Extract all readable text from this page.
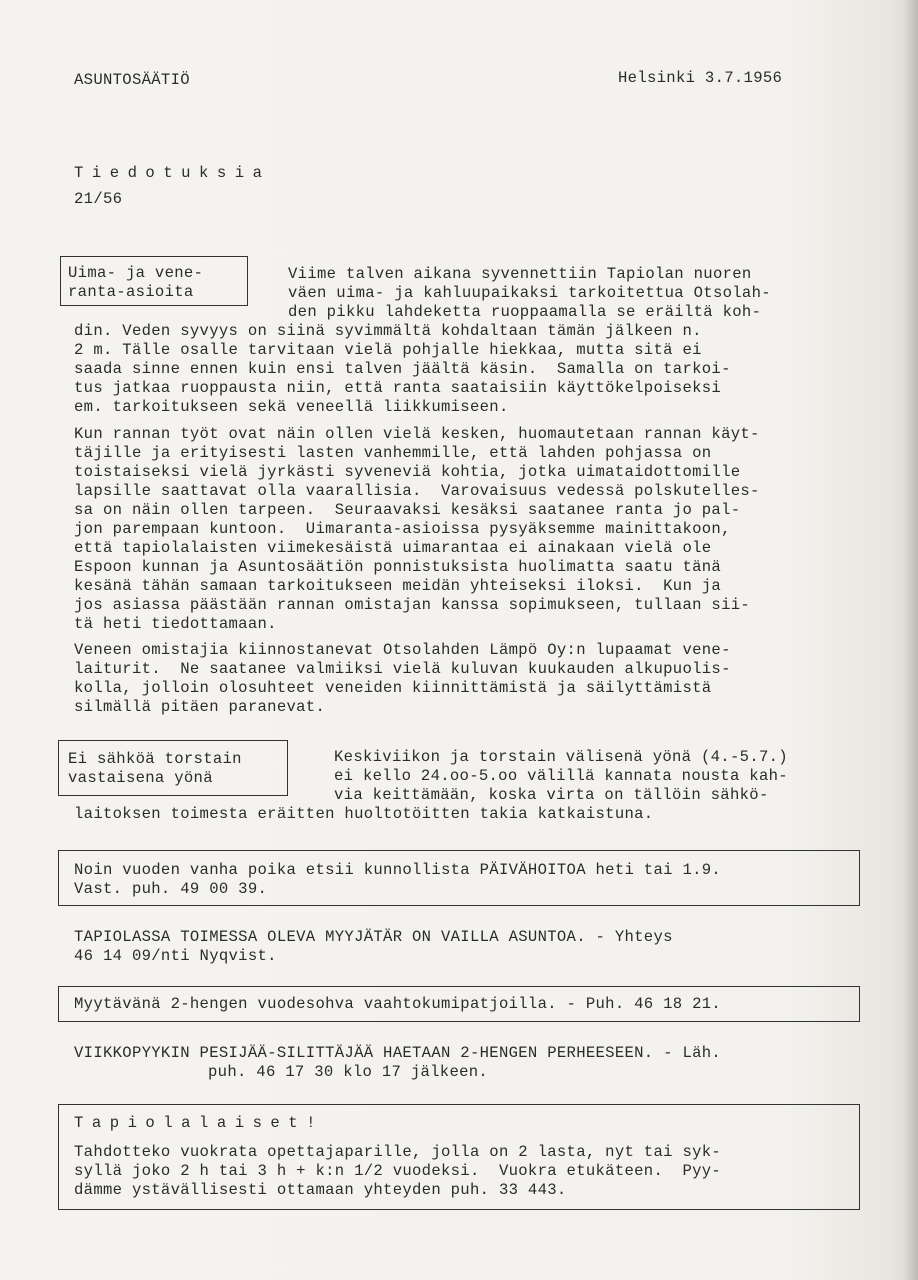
ASUNTOSÄÄTIÖ	Helsinki 3.7.1956
Tiedotuksia
21/56
Uima- ja vene-
ranta-asioita
Viime talven aikana syvennettiin Tapiolan nuoren
väen uima- ja kahluupaikaksi tarkoitettua Otsolah-
den pikku lahdeketta ruoppaamalla se eräiltä koh-
din. Veden syvyys on siinä syvimmältä kohdaltaan tämän jälkeen n.
2 m. Tälle osalle tarvitaan vielä pohjalle hiekkaa, mutta sitä ei
saada sinne ennen kuin ensi talven jäältä käsin.  Samalla on tarkoi-
tus jatkaa ruoppausta niin, että ranta saataisiin käyttökelpoiseksi
em. tarkoitukseen sekä veneellä liikkumiseen.
Kun rannan työt ovat näin ollen vielä kesken, huomautetaan rannan käyt-
täjille ja erityisesti lasten vanhemmille, että lahden pohjassa on
toistaiseksi vielä jyrkästi syveneviä kohtia, jotka uimataidottomille
lapsille saattavat olla vaarallisia.  Varovaisuus vedessä polskutelles-
sa on näin ollen tarpeen.  Seuraavaksi kesäksi saatanee ranta jo pal-
jon parempaan kuntoon.  Uimaranta-asioissa pysyäksemme mainittakoon,
että tapiolalaisten viimekesäistä uimarantaa ei ainakaan vielä ole
Espoon kunnan ja Asuntosäätiön ponnistuksista huolimatta saatu tänä
kesänä tähän samaan tarkoitukseen meidän yhteiseksi iloksi.  Kun ja
jos asiassa päästään rannan omistajan kanssa sopimukseen, tullaan sii-
tä heti tiedottamaan.
Veneen omistajia kiinnostanevat Otsolahden Lämpö Oy:n lupaamat vene-
laiturit.  Ne saatanee valmiiksi vielä kuluvan kuukauden alkupuolis-
kolla, jolloin olosuhteet veneiden kiinnittämistä ja säilyttämistä
silmällä pitäen paranevat.
Ei sähköä torstain
vastaisena yönä
Keskiviikon ja torstain välisenä yönä (4.-5.7.)
ei kello 24.oo-5.oo välillä kannata nousta kah-
via keittämään, koska virta on tällöin sähkö-
laitoksen toimesta eräitten huoltotöitten takia katkaistuna.
Noin vuoden vanha poika etsii kunnollista PÄIVÄHOITOA heti tai 1.9.
Vast. puh. 49 00 39.
TAPIOLASSA TOIMESSA OLEVA MYYJÄTÄR ON VAILLA ASUNTOA. - Yhteys
46 14 09/nti Nyqvist.
Myytävänä 2-hengen vuodesohva vaahtokumipatjoilla. - Puh. 46 18 21.
VIIKKOPYYKIN PESIJÄÄ-SILITTÄJÄÄ HAETAAN 2-HENGEN PERHEESEEN. - Läh.
puh. 46 17 30 klo 17 jälkeen.
Tapiolalaiset!
Tahdotteko vuokrata opettajaparille, jolla on 2 lasta, nyt tai syk-
syllä joko 2 h tai 3 h + k:n 1/2 vuodeksi.  Vuokra etukäteen.  Pyy-
dämme ystävällisesti ottamaan yhteyden puh. 33 443.
